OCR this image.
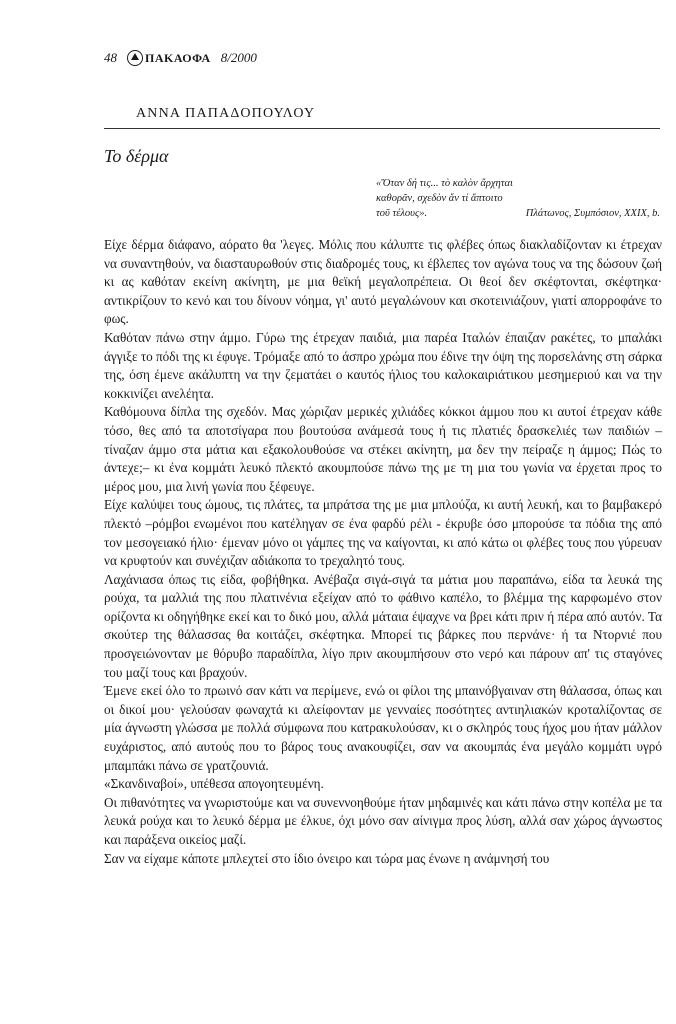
48 ΠΑΚΑΟΦΑ 8/2000
ΑΝΝΑ ΠΑΠΑΔΟΠΟΥΛΟΥ
Το δέρμα
«Ὅταν δή τις... τὸ καλὸν ἄρχηται
καθορᾶν, σχεδὸν ἄν τί ἅπτοιτο
τοῦ τέλους».	Πλάτωνος, Συμπόσιον, ΧΧΙΧ, b.

Είχε δέρμα διάφανο, αόρατο θα 'λεγες. Μόλις που κάλυπτε τις φλέβες όπως διακλαδίζονταν κι έτρεχαν να συναντηθούν, να διασταυρωθούν στις διαδρομές τους, κι έβλεπες τον αγώνα τους να της δώσουν ζωή κι ας καθόταν εκείνη ακίνητη, με μια θεϊκή μεγαλοπρέπεια. Οι θεοί δεν σκέφτονται, σκέφτηκα· αντικρίζουν το κενό και του δίνουν νόημα, γι' αυτό μεγαλώνουν και σκοτεινιάζουν, γιατί απορροφάνε το φως.

Καθόταν πάνω στην άμμο. Γύρω της έτρεχαν παιδιά, μια παρέα Ιταλών έπαιζαν ρακέτες, το μπαλάκι άγγιξε το πόδι της κι έφυγε. Τρόμαξε από το άσπρο χρώμα που έδινε την όψη της πορσελάνης στη σάρκα της, όση έμενε ακάλυπτη να την ζεματάει ο καυτός ήλιος του καλοκαιριάτικου μεσημεριού και να την κοκκινίζει ανελέητα.

Καθόμουνα δίπλα της σχεδόν. Μας χώριζαν μερικές χιλιάδες κόκκοι άμμου που κι αυτοί έτρεχαν κάθε τόσο, θες από τα αποτσίγαρα που βουτούσα ανάμεσά τους ή τις πλατιές δρασκελιές των παιδιών –τίναζαν άμμο στα μάτια και εξακολουθούσε να στέκει ακίνητη, μα δεν την πείραζε η άμμος; Πώς το άντεχε;– κι ένα κομμάτι λευκό πλεκτό ακουμπούσε πάνω της με τη μια του γωνία να έρχεται προς το μέρος μου, μια λινή γωνία που ξέφευγε.

Είχε καλύψει τους ώμους, τις πλάτες, τα μπράτσα της με μια μπλούζα, κι αυτή λευκή, και το βαμβακερό πλεκτό –ρόμβοι ενωμένοι που κατέληγαν σε ένα φαρδύ ρέλι - έκρυβε όσο μπορούσε τα πόδια της από τον μεσογειακό ήλιο· έμεναν μόνο οι γάμπες της να καίγονται, κι από κάτω οι φλέβες τους που γύρευαν να κρυφτούν και συνέχιζαν αδιάκοπα το τρεχαλητό τους.

Λαχάνιασα όπως τις είδα, φοβήθηκα. Ανέβαζα σιγά-σιγά τα μάτια μου παραπάνω, είδα τα λευκά της ρούχα, τα μαλλιά της που πλατινένια εξείχαν από το φάθινο καπέλο, το βλέμμα της καρφωμένο στον ορίζοντα κι οδηγήθηκε εκεί και το δικό μου, αλλά μάταια έψαχνε να βρει κάτι πριν ή πέρα από αυτόν. Τα σκούτερ της θάλασσας θα κοιτάζει, σκέφτηκα. Μπορεί τις βάρκες που περνάνε· ή τα Ντορνιέ που προσγειώνονταν με θόρυβο παραδίπλα, λίγο πριν ακουμπήσουν στο νερό και πάρουν απ' τις σταγόνες του μαζί τους και βραχούν.

Έμενε εκεί όλο το πρωινό σαν κάτι να περίμενε, ενώ οι φίλοι της μπαινόβγαιναν στη θάλασσα, όπως και οι δικοί μου· γελούσαν φωναχτά κι αλείφονταν με γενναίες ποσότητες αντιηλιακών κροταλίζοντας σε μία άγνωστη γλώσσα με πολλά σύμφωνα που κατρακυλούσαν, κι ο σκληρός τους ήχος μου ήταν μάλλον ευχάριστος, από αυτούς που το βάρος τους ανακουφίζει, σαν να ακουμπάς ένα μεγάλο κομμάτι υγρό μπαμπάκι πάνω σε γρατζουνιά.

«Σκανδιναβοί», υπέθεσα απογοητευμένη.

Οι πιθανότητες να γνωριστούμε και να συνεννοηθούμε ήταν μηδαμινές και κάτι πάνω στην κοπέλα με τα λευκά ρούχα και το λευκό δέρμα με έλκυε, όχι μόνο σαν αίνιγμα προς λύση, αλλά σαν χώρος άγνωστος και παράξενα οικείος μαζί.

Σαν να είχαμε κάποτε μπλεχτεί στο ίδιο όνειρο και τώρα μας ένωνε η ανάμνησή του
